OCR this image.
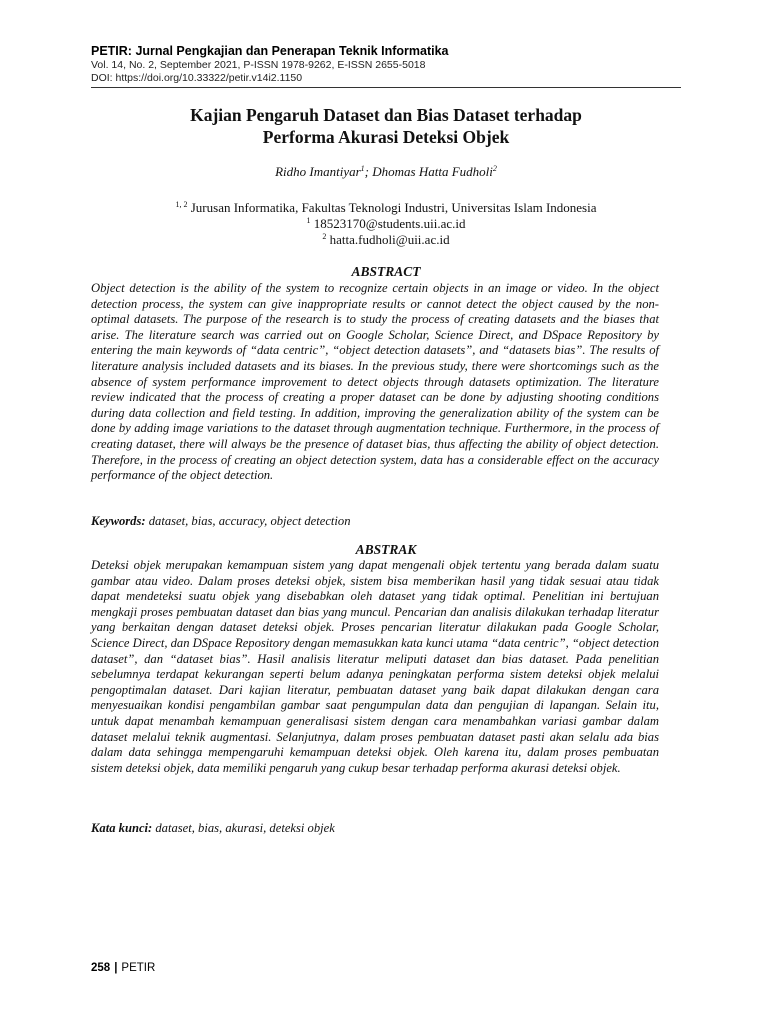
PETIR: Jurnal Pengkajian dan Penerapan Teknik Informatika
Vol. 14, No. 2, September 2021, P-ISSN 1978-9262, E-ISSN 2655-5018
DOI: https://doi.org/10.33322/petir.v14i2.1150
Kajian Pengaruh Dataset dan Bias Dataset terhadap
Performa Akurasi Deteksi Objek
Ridho Imantiyar$^1$; Dhomas Hatta Fudholi$^2$
$^{1, 2}$ Jurusan Informatika, Fakultas Teknologi Industri, Universitas Islam Indonesia
$^1$ 18523170@students.uii.ac.id
$^2$ hatta.fudholi@uii.ac.id
ABSTRACT
Object detection is the ability of the system to recognize certain objects in an image or video. In the object detection process, the system can give inappropriate results or cannot detect the object caused by the non-optimal datasets. The purpose of the research is to study the process of creating datasets and the biases that arise. The literature search was carried out on Google Scholar, Science Direct, and DSpace Repository by entering the main keywords of “data centric”, “object detection datasets”, and “datasets bias”. The results of literature analysis included datasets and its biases. In the previous study, there were shortcomings such as the absence of system performance improvement to detect objects through datasets optimization. The literature review indicated that the process of creating a proper dataset can be done by adjusting shooting conditions during data collection and field testing. In addition, improving the generalization ability of the system can be done by adding image variations to the dataset through augmentation technique. Furthermore, in the process of creating dataset, there will always be the presence of dataset bias, thus affecting the ability of object detection. Therefore, in the process of creating an object detection system, data has a considerable effect on the accuracy performance of the object detection.
Keywords: dataset, bias, accuracy, object detection
ABSTRAK
Deteksi objek merupakan kemampuan sistem yang dapat mengenali objek tertentu yang berada dalam suatu gambar atau video. Dalam proses deteksi objek, sistem bisa memberikan hasil yang tidak sesuai atau tidak dapat mendeteksi suatu objek yang disebabkan oleh dataset yang tidak optimal. Penelitian ini bertujuan mengkaji proses pembuatan dataset dan bias yang muncul. Pencarian dan analisis dilakukan terhadap literatur yang berkaitan dengan dataset deteksi objek. Proses pencarian literatur dilakukan pada Google Scholar, Science Direct, dan DSpace Repository dengan memasukkan kata kunci utama “data centric”, “object detection dataset”, dan “dataset bias”. Hasil analisis literatur meliputi dataset dan bias dataset. Pada penelitian sebelumnya terdapat kekurangan seperti belum adanya peningkatan performa sistem deteksi objek melalui pengoptimalan dataset. Dari kajian literatur, pembuatan dataset yang baik dapat dilakukan dengan cara menyesuaikan kondisi pengambilan gambar saat pengumpulan data dan pengujian di lapangan. Selain itu, untuk dapat menambah kemampuan generalisasi sistem dengan cara menambahkan variasi gambar dalam dataset melalui teknik augmentasi. Selanjutnya, dalam proses pembuatan dataset pasti akan selalu ada bias dalam data sehingga mempengaruhi kemampuan deteksi objek. Oleh karena itu, dalam proses pembuatan sistem deteksi objek, data memiliki pengaruh yang cukup besar terhadap performa akurasi deteksi objek.
Kata kunci: dataset, bias, akurasi, deteksi objek
258 | PETIR
